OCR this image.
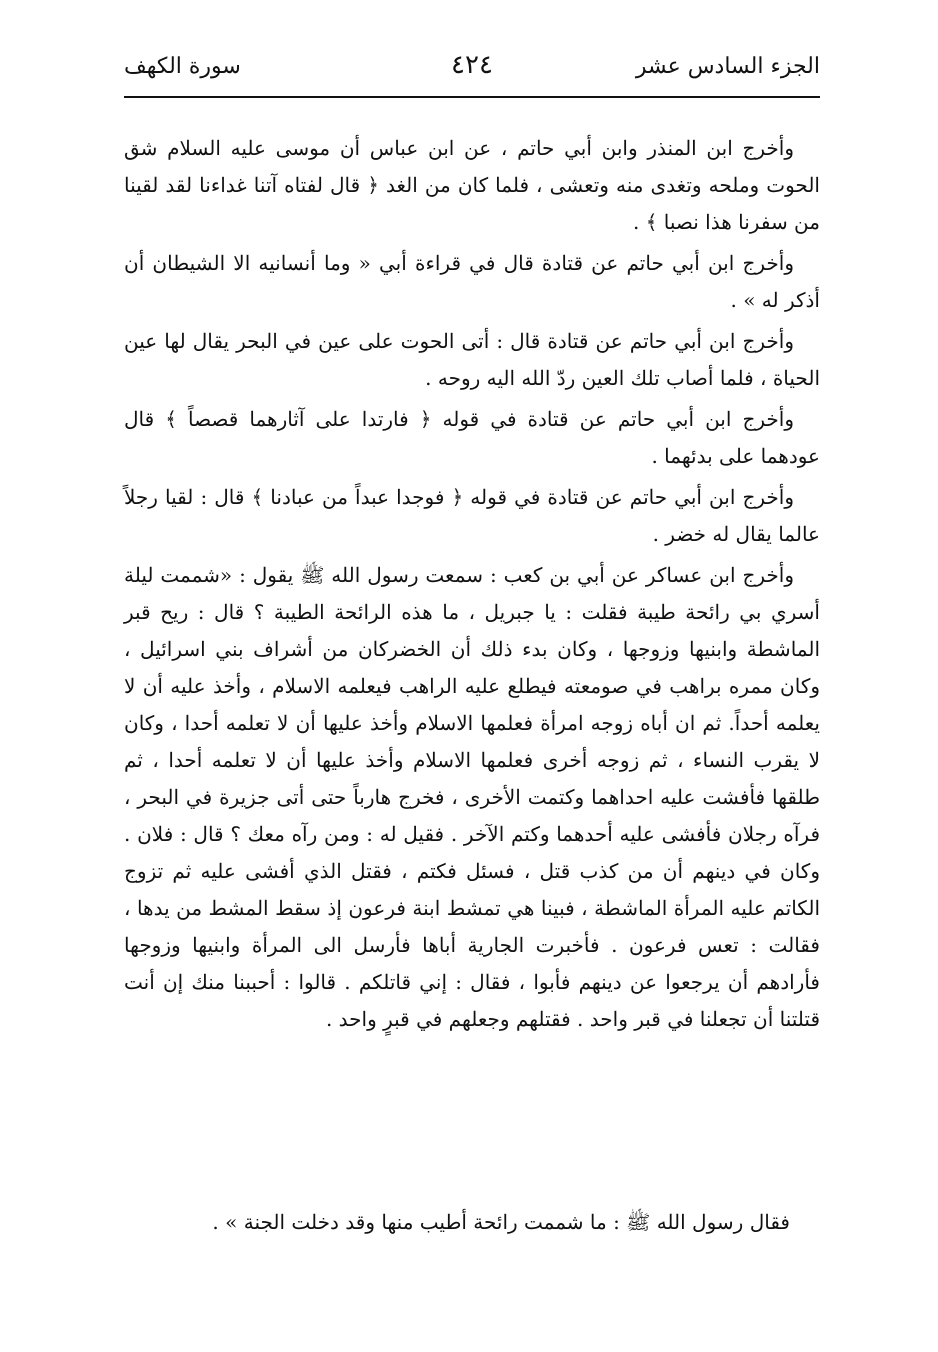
الجزء السادس عشر
٤٢٤
سورة الكهف

وأخرج ابن المنذر وابن أبي حاتم ، عن ابن عباس أن موسى عليه السلام شق الحوت وملحه وتغدى منه وتعشى ، فلما كان من الغد ﴿ قال لفتاه آتنا غداءنا لقد لقينا من سفرنا هذا نصبا ﴾ .

وأخرج ابن أبي حاتم عن قتادة قال في قراءة أبي « وما أنسانيه الا الشيطان أن أذكر له » .

وأخرج ابن أبي حاتم عن قتادة قال : أتى الحوت على عين في البحر يقال لها عين الحياة ، فلما أصاب تلك العين ردّ الله اليه روحه .

وأخرج ابن أبي حاتم عن قتادة في قوله ﴿ فارتدا على آثارهما قصصاً ﴾ قال عودهما على بدئهما .

وأخرج ابن أبي حاتم عن قتادة في قوله ﴿ فوجدا عبداً من عبادنا ﴾ قال : لقيا رجلاً عالما يقال له خضر .

وأخرج ابن عساكر عن أبي بن كعب : سمعت رسول الله ﷺ يقول : «شممت ليلة أسري بي رائحة طيبة فقلت : يا جبريل ، ما هذه الرائحة الطيبة ؟ قال : ريح قبر الماشطة وابنيها وزوجها ، وكان بدء ذلك أن الخضركان من أشراف بني اسرائيل ، وكان ممره براهب في صومعته فيطلع عليه الراهب فيعلمه الاسلام ، وأخذ عليه أن لا يعلمه أحداً. ثم ان أباه زوجه امرأة فعلمها الاسلام وأخذ عليها أن لا تعلمه أحدا ، وكان لا يقرب النساء ، ثم زوجه أخرى فعلمها الاسلام وأخذ عليها أن لا تعلمه أحدا ، ثم طلقها فأفشت عليه احداهما وكتمت الأخرى ، فخرج هارباً حتى أتى جزيرة في البحر ، فرآه رجلان فأفشى عليه أحدهما وكتم الآخر . فقيل له : ومن رآه معك ؟ قال : فلان . وكان في دينهم أن من كذب قتل ، فسئل فكتم ، فقتل الذي أفشى عليه ثم تزوج الكاتم عليه المرأة الماشطة ، فبينا هي تمشط ابنة فرعون إذ سقط المشط من يدها ، فقالت : تعس فرعون . فأخبرت الجارية أباها فأرسل الى المرأة وابنيها وزوجها فأرادهم أن يرجعوا عن دينهم فأبوا ، فقال : إني قاتلكم . قالوا : أحببنا منك إن أنت قتلتنا أن تجعلنا في قبر واحد . فقتلهم وجعلهم في قبرٍ واحد .

فقال رسول الله ﷺ : ما شممت رائحة أطيب منها وقد دخلت الجنة » .
